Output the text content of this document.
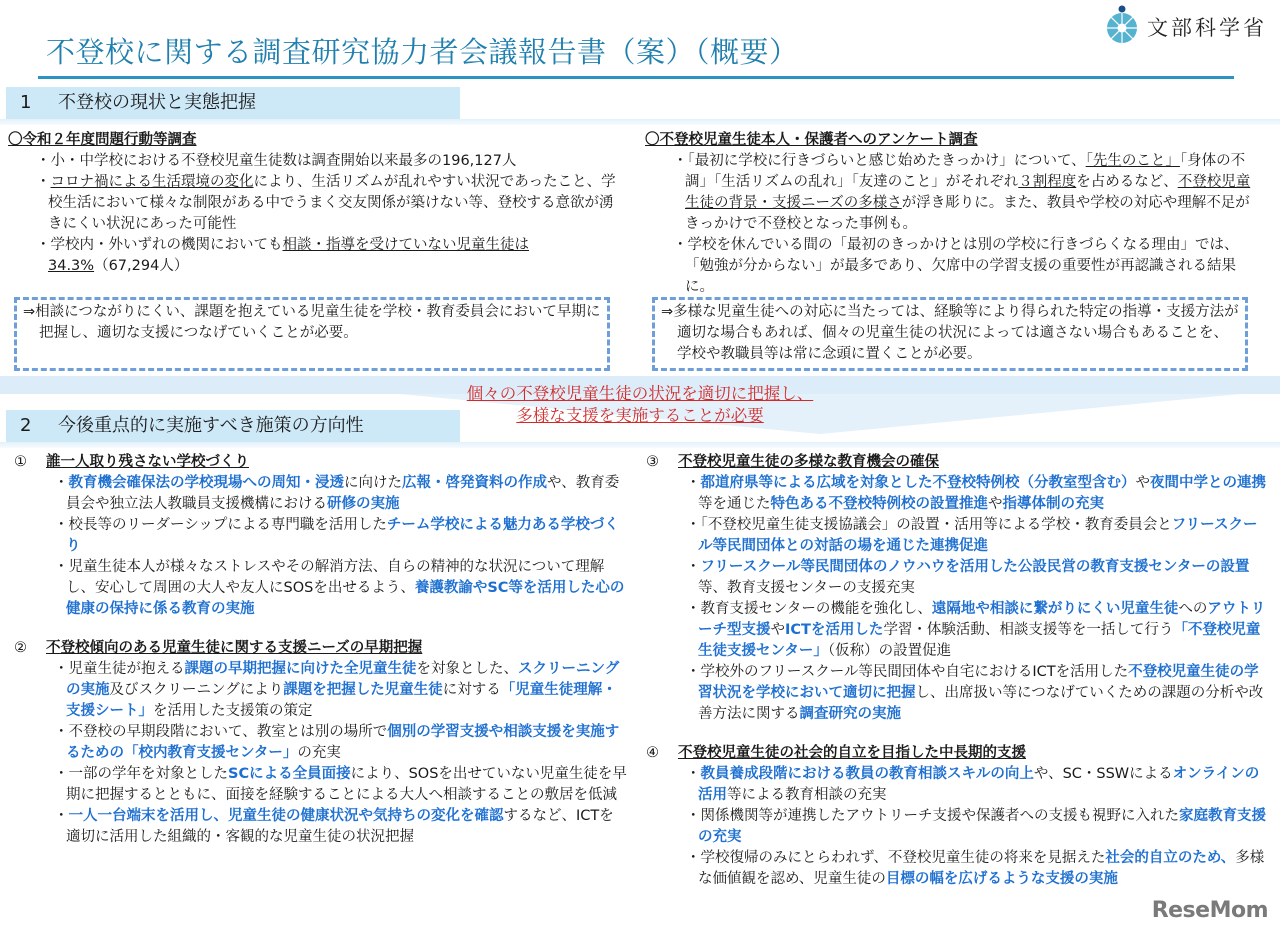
不登校に関する調査研究協力者会議報告書（案）（概要）
文部科学省
1 不登校の現状と実態把握
〇令和２年度問題行動等調査
・小・中学校における不登校児童生徒数は調査開始以来最多の196,127人
・コロナ禍による生活環境の変化により、生活リズムが乱れやすい状況であったこと、学校生活において様々な制限がある中でうまく交友関係が築けない等、登校する意欲が湧きにくい状況にあった可能性
・学校内・外いずれの機関においても相談・指導を受けていない児童生徒は34.3%（67,294人）
⇒相談につながりにくい、課題を抱えている児童生徒を学校・教育委員会において早期に把握し、適切な支援につなげていくことが必要。
〇不登校児童生徒本人・保護者へのアンケート調査
・「最初に学校に行きづらいと感じ始めたきっかけ」について、「先生のこと」「身体の不調」「生活リズムの乱れ」「友達のこと」がそれぞれ３割程度を占めるなど、不登校児童生徒の背景・支援ニーズの多様さが浮き彫りに。また、教員や学校の対応や理解不足がきっかけで不登校となった事例も。
・学校を休んでいる間の「最初のきっかけとは別の学校に行きづらくなる理由」では、「勉強が分からない」が最多であり、欠席中の学習支援の重要性が再認識される結果に。
⇒多様な児童生徒への対応に当たっては、経験等により得られた特定の指導・支援方法が適切な場合もあれば、個々の児童生徒の状況によっては適さない場合もあることを、学校や教職員等は常に念頭に置くことが必要。
個々の不登校児童生徒の状況を適切に把握し、
多様な支援を実施することが必要
2 今後重点的に実施すべき施策の方向性
① 誰一人取り残さない学校づくり
・教育機会確保法の学校現場への周知・浸透に向けた広報・啓発資料の作成や、教育委員会や独立法人教職員支援機構における研修の実施
・校長等のリーダーシップによる専門職を活用したチーム学校による魅力ある学校づくり
・児童生徒本人が様々なストレスやその解消方法、自らの精神的な状況について理解し、安心して周囲の大人や友人にSOSを出せるよう、養護教諭やSC等を活用した心の健康の保持に係る教育の実施
② 不登校傾向のある児童生徒に関する支援ニーズの早期把握
・児童生徒が抱える課題の早期把握に向けた全児童生徒を対象とした、スクリーニングの実施及びスクリーニングにより課題を把握した児童生徒に対する「児童生徒理解・支援シート」を活用した支援策の策定
・不登校の早期段階において、教室とは別の場所で個別の学習支援や相談支援を実施するための「校内教育支援センター」の充実
・一部の学年を対象としたSCによる全員面接により、SOSを出せていない児童生徒を早期に把握するとともに、面接を経験することによる大人へ相談することの敷居を低減
・一人一台端末を活用し、児童生徒の健康状況や気持ちの変化を確認するなど、ICTを適切に活用した組織的・客観的な児童生徒の状況把握
③ 不登校児童生徒の多様な教育機会の確保
・都道府県等による広域を対象とした不登校特例校（分教室型含む）や夜間中学との連携等を通じた特色ある不登校特例校の設置推進や指導体制の充実
・「不登校児童生徒支援協議会」の設置・活用等による学校・教育委員会とフリースクール等民間団体との対話の場を通じた連携促進
・フリースクール等民間団体のノウハウを活用した公設民営の教育支援センターの設置等、教育支援センターの支援充実
・教育支援センターの機能を強化し、遠隔地や相談に繋がりにくい児童生徒へのアウトリーチ型支援やICTを活用した学習・体験活動、相談支援等を一括して行う「不登校児童生徒支援センター」（仮称）の設置促進
・学校外のフリースクール等民間団体や自宅におけるICTを活用した不登校児童生徒の学習状況を学校において適切に把握し、出席扱い等につなげていくための課題の分析や改善方法に関する調査研究の実施
④ 不登校児童生徒の社会的自立を目指した中長期的支援
・教員養成段階における教員の教育相談スキルの向上や、SC・SSWによるオンラインの活用等による教育相談の充実
・関係機関等が連携したアウトリーチ支援や保護者への支援も視野に入れた家庭教育支援の充実
・学校復帰のみにとらわれず、不登校児童生徒の将来を見据えた社会的自立のため、多様な価値観を認め、児童生徒の目標の幅を広げるような支援の実施
ReseMom
